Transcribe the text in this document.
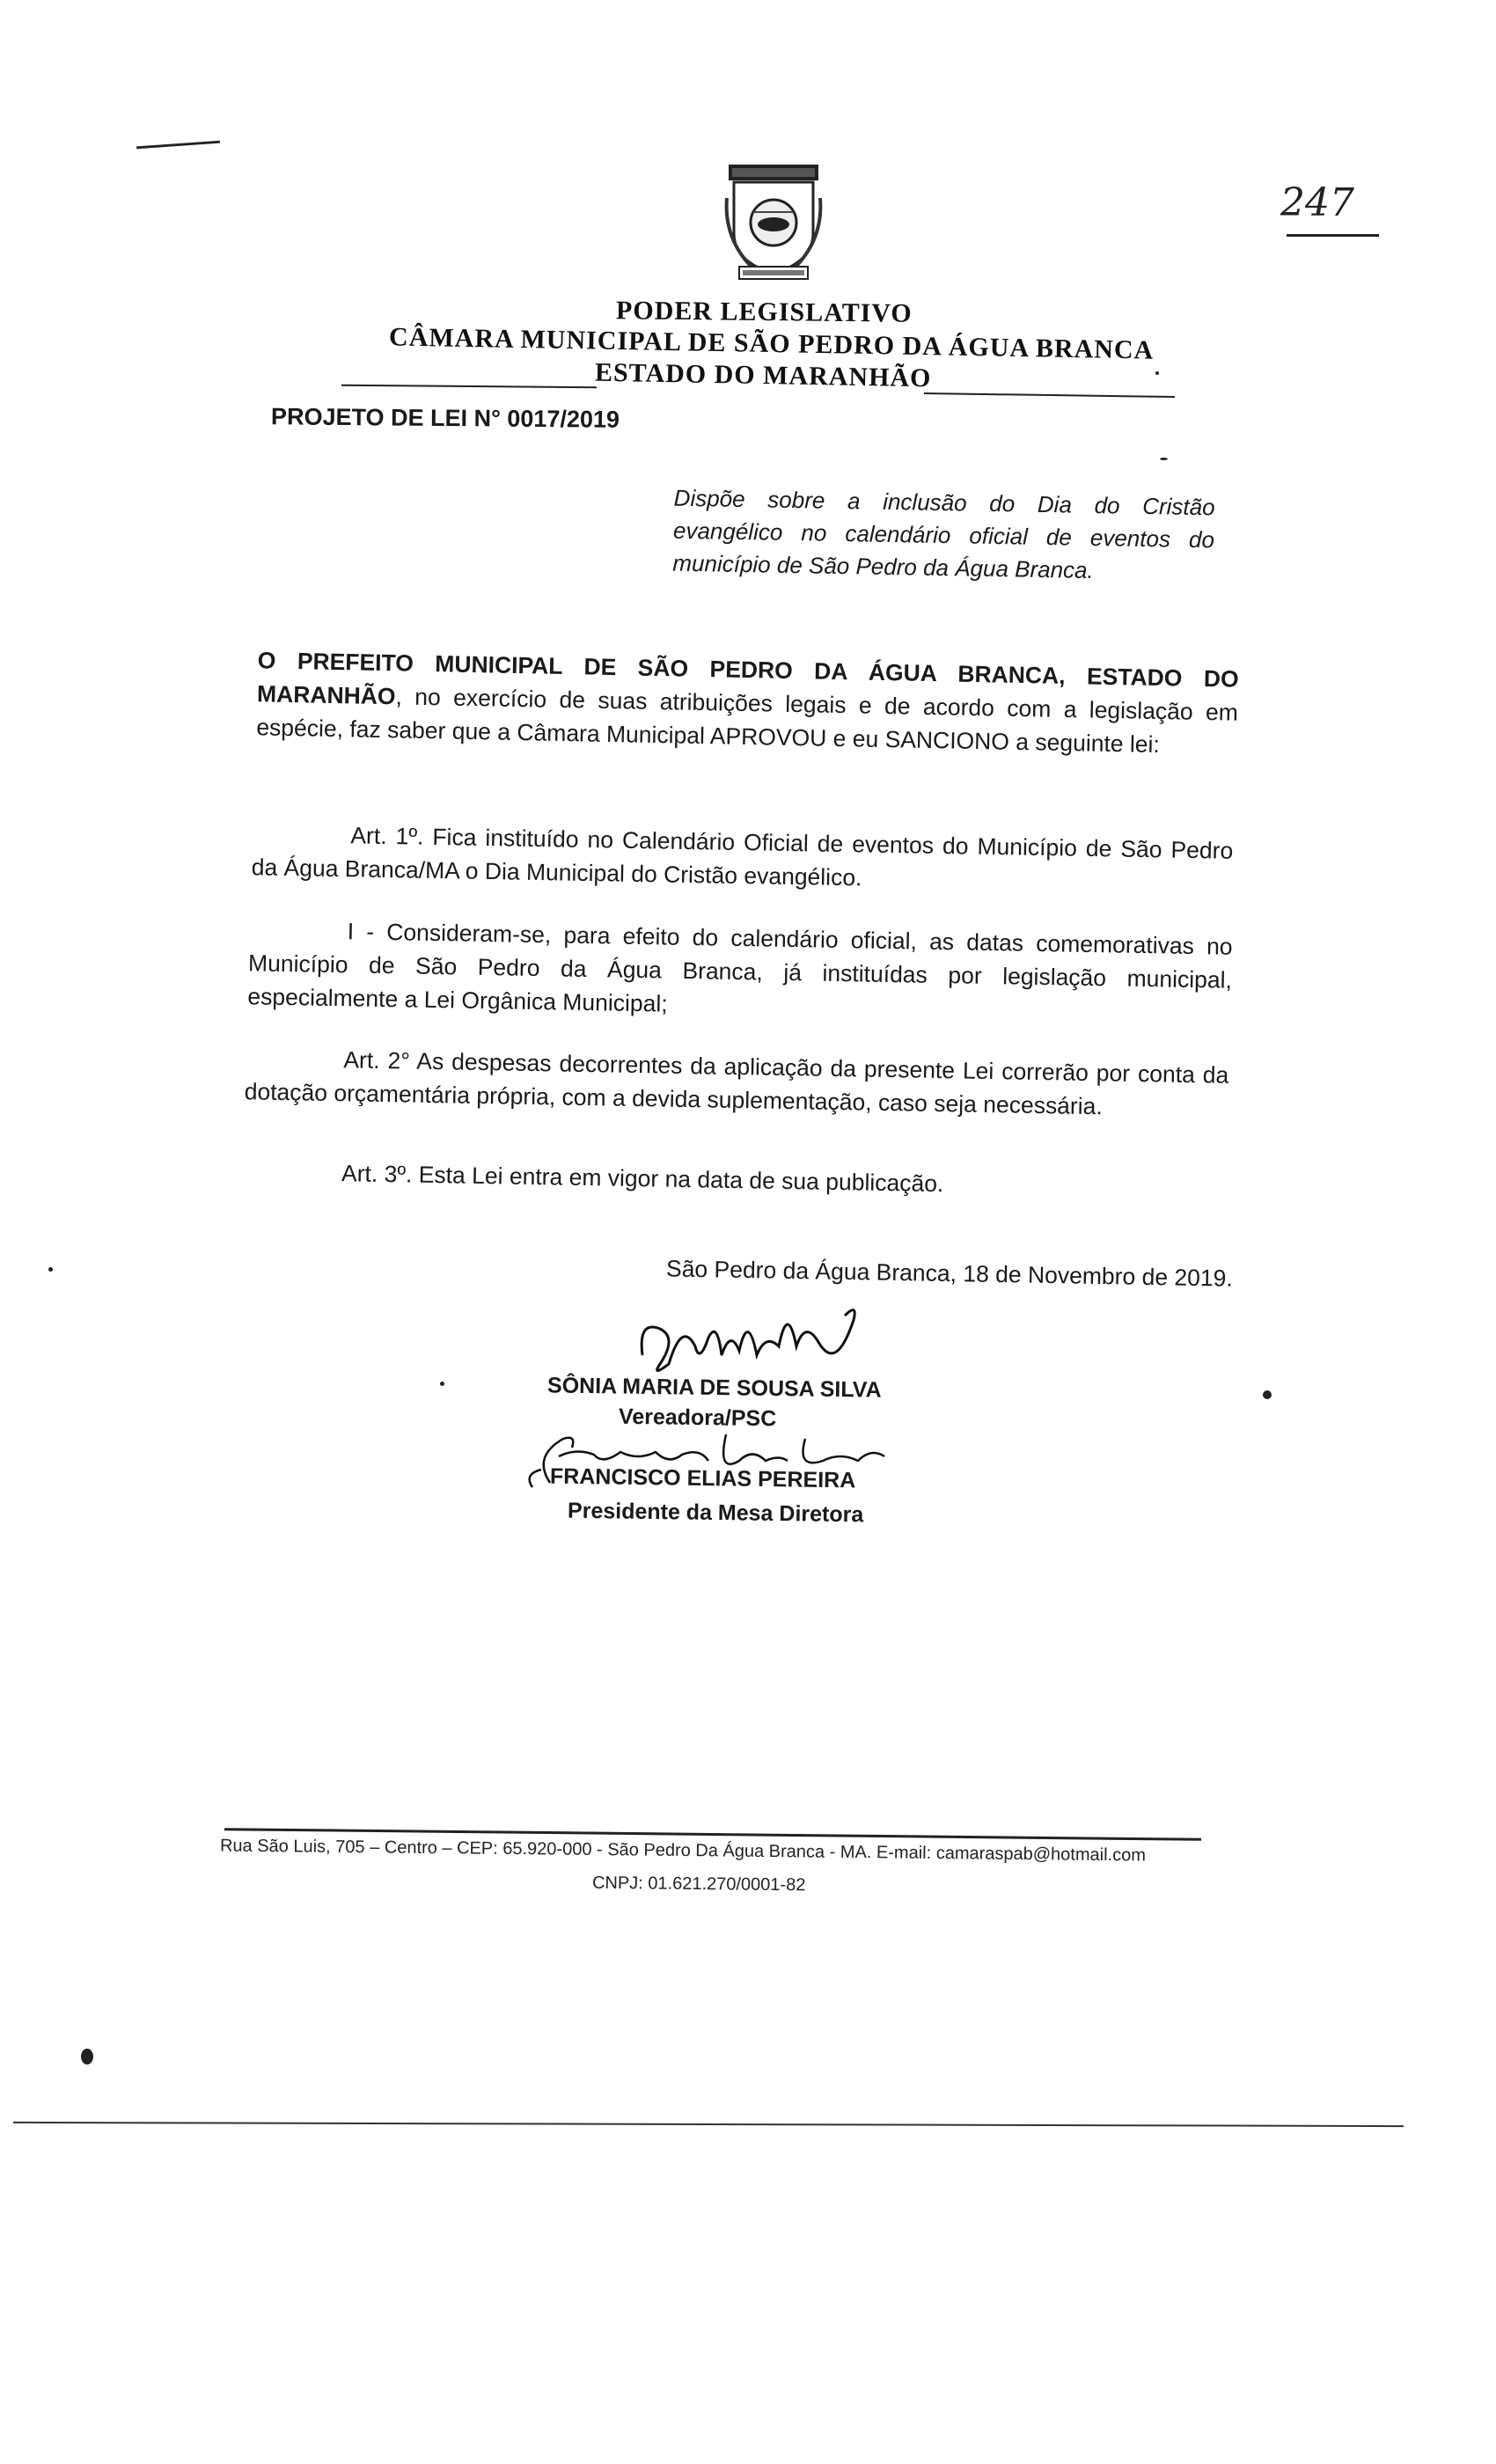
247
PODER LEGISLATIVO
CÂMARA MUNICIPAL DE SÃO PEDRO DA ÁGUA BRANCA
ESTADO DO MARANHÃO
PROJETO DE LEI N° 0017/2019
Dispõe sobre a inclusão do Dia do Cristão evangélico no calendário oficial de eventos do município de São Pedro da Água Branca.
O PREFEITO MUNICIPAL DE SÃO PEDRO DA ÁGUA BRANCA, ESTADO DO MARANHÃO, no exercício de suas atribuições legais e de acordo com a legislação em espécie, faz saber que a Câmara Municipal APROVOU e eu SANCIONO a seguinte lei:
Art. 1º. Fica instituído no Calendário Oficial de eventos do Município de São Pedro da Água Branca/MA o Dia Municipal do Cristão evangélico.
I - Consideram-se, para efeito do calendário oficial, as datas comemorativas no Município de São Pedro da Água Branca, já instituídas por legislação municipal, especialmente a Lei Orgânica Municipal;
Art. 2° As despesas decorrentes da aplicação da presente Lei correrão por conta da dotação orçamentária própria, com a devida suplementação, caso seja necessária.
Art. 3º. Esta Lei entra em vigor na data de sua publicação.
São Pedro da Água Branca, 18 de Novembro de 2019.
SÔNIA MARIA DE SOUSA SILVA
Vereadora/PSC
FRANCISCO ELIAS PEREIRA
Presidente da Mesa Diretora
Rua São Luis, 705 – Centro – CEP: 65.920-000 - São Pedro Da Água Branca - MA. E-mail: camaraspab@hotmail.com
CNPJ: 01.621.270/0001-82
